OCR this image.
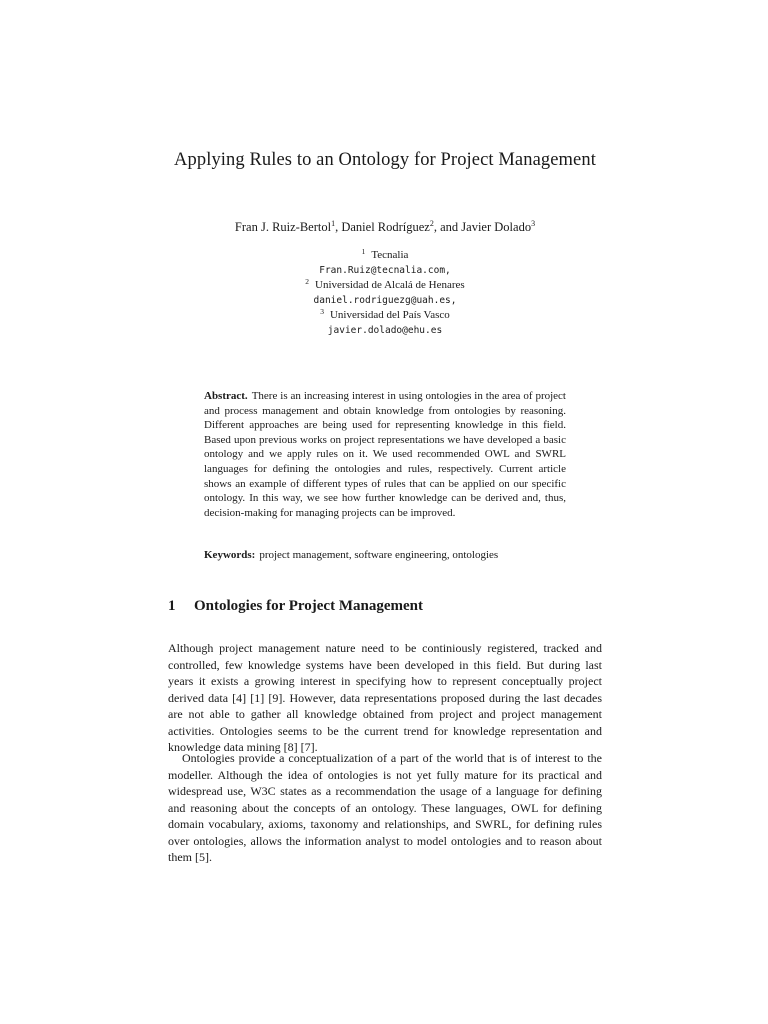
Applying Rules to an Ontology for Project Management
Fran J. Ruiz-Bertol$^1$, Daniel Rodríguez$^2$, and Javier Dolado$^3$
$^1$ Tecnalia
Fran.Ruiz@tecnalia.com,
$^2$ Universidad de Alcalá de Henares
daniel.rodriguezg@uah.es,
$^3$ Universidad del País Vasco
javier.dolado@ehu.es
Abstract. There is an increasing interest in using ontologies in the area of project and process management and obtain knowledge from ontologies by reasoning. Different approaches are being used for representing knowledge in this field. Based upon previous works on project representations we have developed a basic ontology and we apply rules on it. We used recommended OWL and SWRL languages for defining the ontologies and rules, respectively. Current article shows an example of different types of rules that can be applied on our specific ontology. In this way, we see how further knowledge can be derived and, thus, decision-making for managing projects can be improved.
Keywords: project management, software engineering, ontologies
1 Ontologies for Project Management
Although project management nature need to be continiously registered, tracked and controlled, few knowledge systems have been developed in this field. But during last years it exists a growing interest in specifying how to represent conceptually project derived data [4] [1] [9]. However, data representations proposed during the last decades are not able to gather all knowledge obtained from project and project management activities. Ontologies seems to be the current trend for knowledge representation and knowledge data mining [8] [7].
Ontologies provide a conceptualization of a part of the world that is of interest to the modeller. Although the idea of ontologies is not yet fully mature for its practical and widespread use, W3C states as a recommendation the usage of a language for defining and reasoning about the concepts of an ontology. These languages, OWL for defining domain vocabulary, axioms, taxonomy and relationships, and SWRL, for defining rules over ontologies, allows the information analyst to model ontologies and to reason about them [5].
